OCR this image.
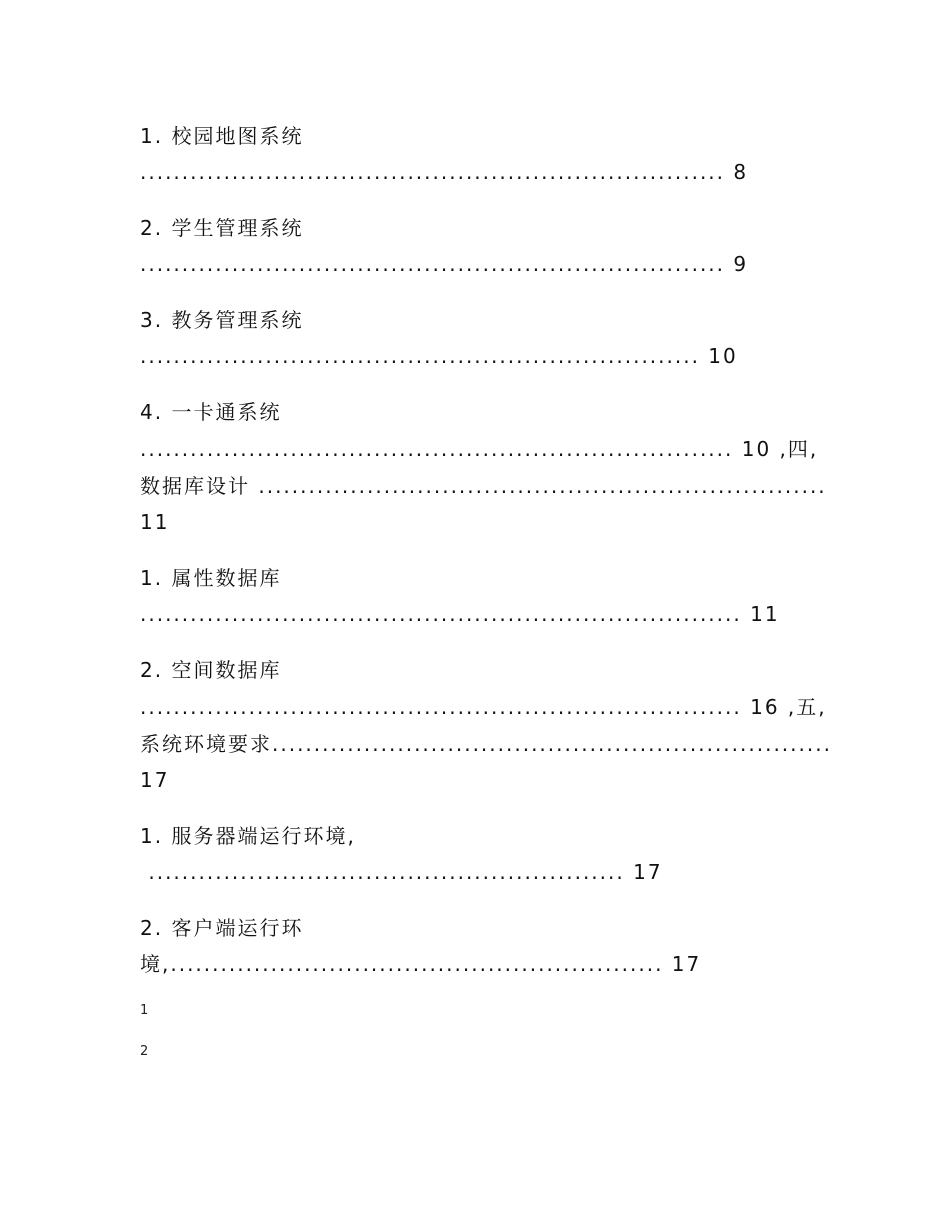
1. 校园地图系统
...................................................................... 8
2. 学生管理系统
...................................................................... 9
3. 教务管理系统
................................................................... 10
4. 一卡通系统
....................................................................... 10 ,四,
数据库设计 ....................................................................
11
1. 属性数据库
........................................................................ 11
2. 空间数据库
........................................................................ 16 ,五,
系统环境要求...................................................................
17
1. 服务器端运行环境,
......................................................... 17
2. 客户端运行环
境,........................................................... 17
1
2
